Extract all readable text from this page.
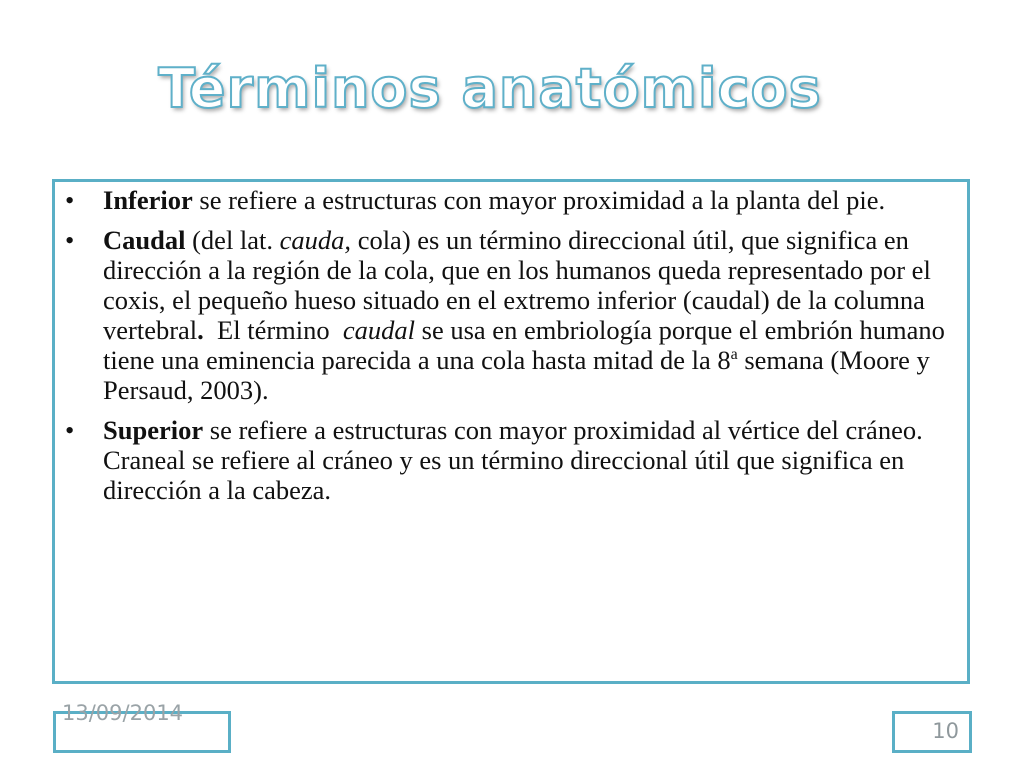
Términos anatómicos
• Inferior se refiere a estructuras con mayor proximidad a la planta del pie.
• Caudal (del lat. cauda, cola) es un término direccional útil, que significa en dirección a la región de la cola, que en los humanos queda representado por el coxis, el pequeño hueso situado en el extremo inferior (caudal) de la columna vertebral.  El término  caudal se usa en embriología porque el embrión humano tiene una eminencia parecida a una cola hasta mitad de la 8$^a$ semana (Moore y Persaud, 2003).
• Superior se refiere a estructuras con mayor proximidad al vértice del cráneo. Craneal se refiere al cráneo y es un término direccional útil que significa en dirección a la cabeza.
13/09/2014
10
